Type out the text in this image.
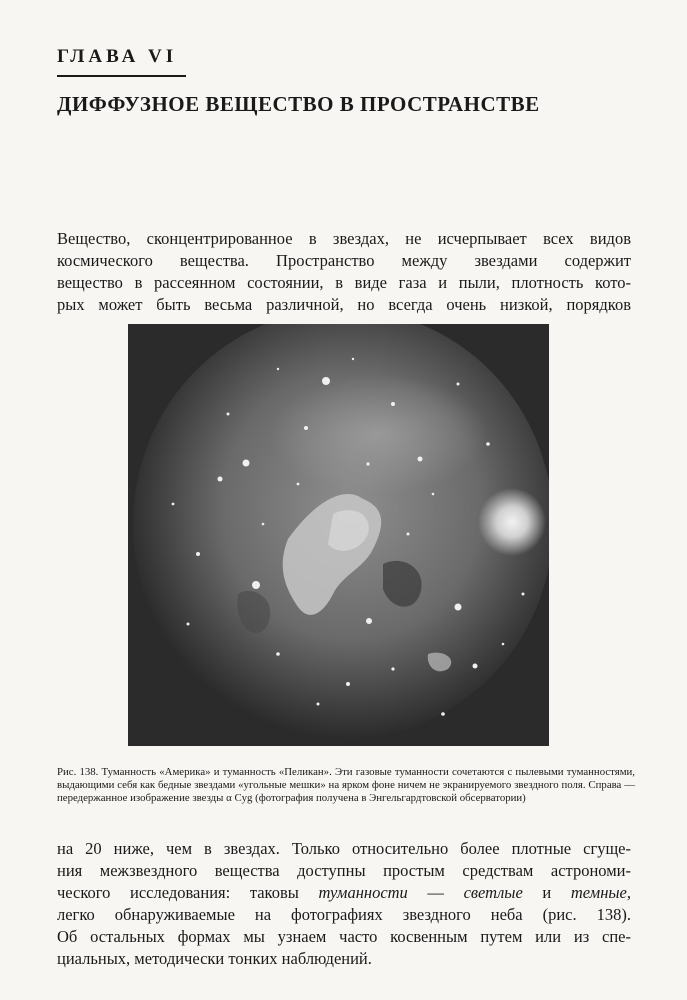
ГЛАВА VI
ДИФФУЗНОЕ ВЕЩЕСТВО В ПРОСТРАНСТВЕ

Вещество, сконцентрированное в звездах, не исчерпывает всех видов
космического вещества. Пространство между звездами содержит
вещество в рассеянном состоянии, в виде газа и пыли, плотность кото-
рых может быть весьма различной, но всегда очень низкой, порядков

Рис. 138. Туманность «Америка» и туманность «Пеликан». Эти газовые туманности сочетаются с пылевыми туманностями, выдающими себя как бедные звездами «угольные мешки» на ярком фоне ничем не экранируемого звездного поля. Справа — передержанное изображение звезды α Cyg (фотография получена в Энгельгардтовской обсерватории)

на 20 ниже, чем в звездах. Только относительно более плотные сгуще-
ния межзвездного вещества доступны простым средствам астрономи-
ческого исследования: таковы туманности — светлые и темные,
легко обнаруживаемые на фотографиях звездного неба (рис. 138).
Об остальных формах мы узнаем часто косвенным путем или из спе-
циальных, методически тонких наблюдений.
